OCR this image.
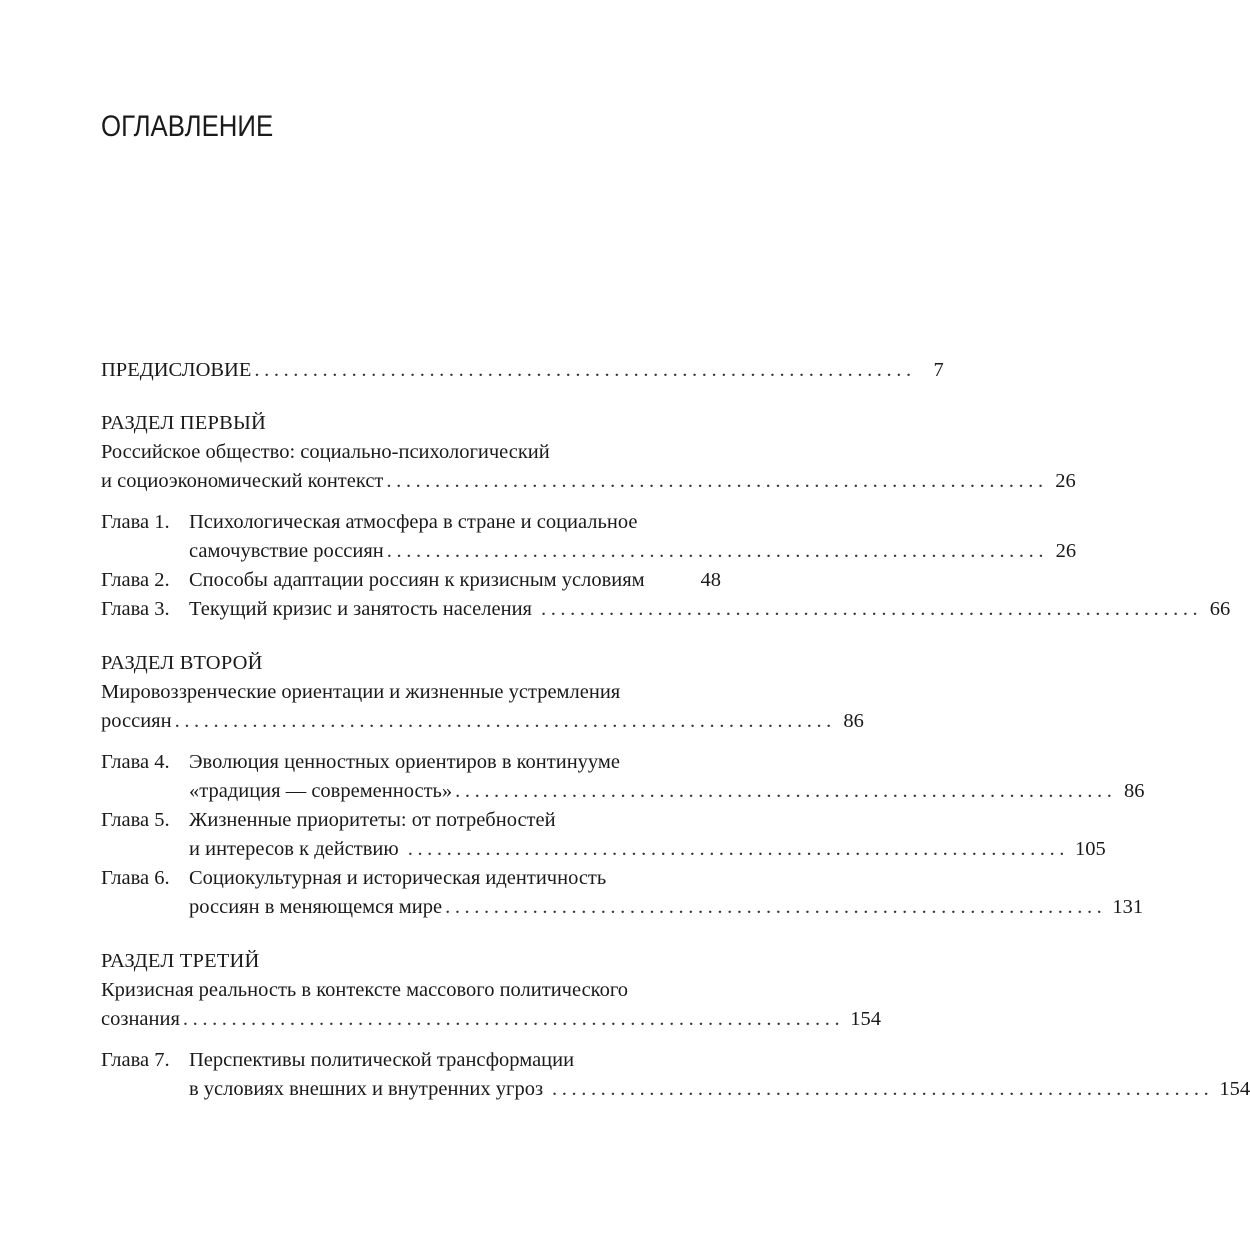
ОГЛАВЛЕНИЕ
ПРЕДИСЛОВИЕ .................................................................... 7
РАЗДЕЛ ПЕРВЫЙ
Российское общество: социально-психологический
и социоэкономический контекст .................................................................... 26
Глава 1. Психологическая атмосфера в стране и социальное
самочувствие россиян .................................................................... 26
Глава 2. Способы адаптации россиян к кризисным условиям	48
Глава 3. Текущий кризис и занятость населения .................................................................... 66
РАЗДЕЛ ВТОРОЙ
Мировоззренческие ориентации и жизненные устремления
россиян .................................................................... 86
Глава 4. Эволюция ценностных ориентиров в континууме
«традиция — современность» .................................................................... 86
Глава 5. Жизненные приоритеты: от потребностей
и интересов к действию .................................................................... 105
Глава 6. Социокультурная и историческая идентичность
россиян в меняющемся мире .................................................................... 131
РАЗДЕЛ ТРЕТИЙ
Кризисная реальность в контексте массового политического
сознания .................................................................... 154
Глава 7. Перспективы политической трансформации
в условиях внешних и внутренних угроз .................................................................... 154
